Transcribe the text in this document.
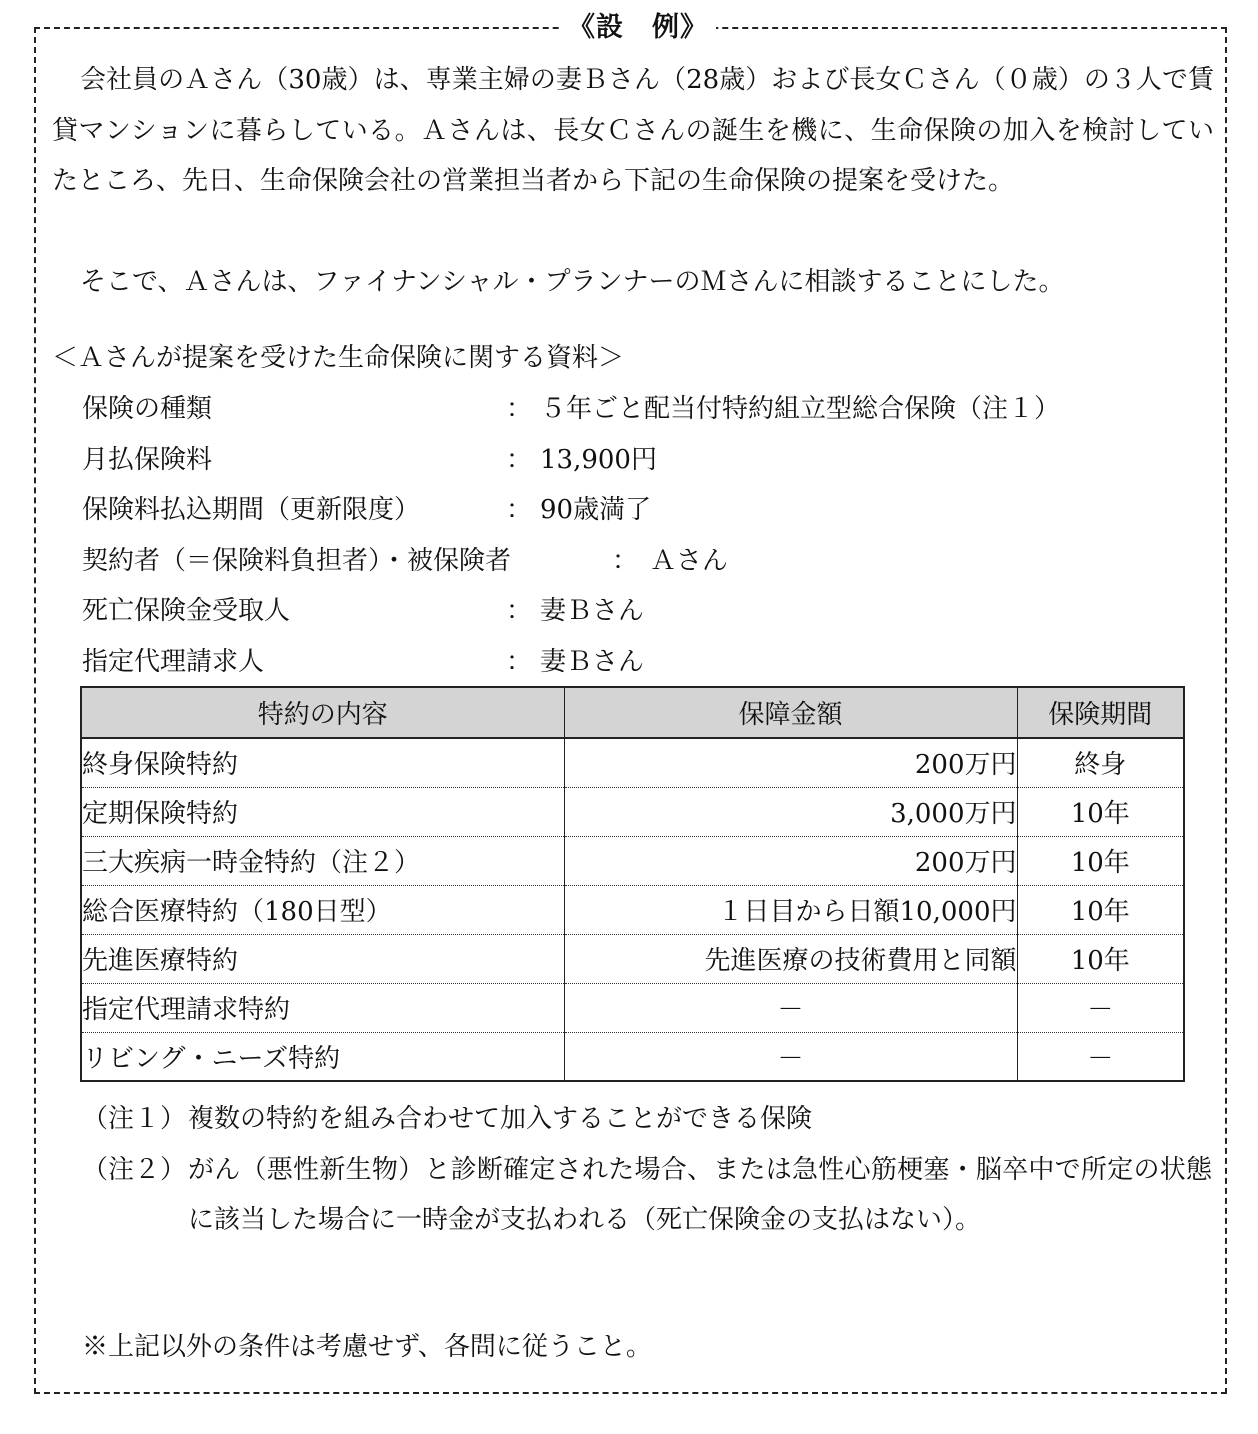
《設　例》
会社員のＡさん（30歳）は、専業主婦の妻Ｂさん（28歳）および長女Ｃさん（０歳）の３人で賃貸マンションに暮らしている。Ａさんは、長女Ｃさんの誕生を機に、生命保険の加入を検討していたところ、先日、生命保険会社の営業担当者から下記の生命保険の提案を受けた。
そこで、Ａさんは、ファイナンシャル・プランナーのＭさんに相談することにした。
＜Ａさんが提案を受けた生命保険に関する資料＞
保険の種類	： ５年ごと配当付特約組立型総合保険（注１）
月払保険料	： 13,900円
保険料払込期間（更新限度）	： 90歳満了
契約者（＝保険料負担者）・被保険者	： Ａさん
死亡保険金受取人	： 妻Ｂさん
指定代理請求人	： 妻Ｂさん
特約の内容	保障金額	保険期間
終身保険特約	200万円	終身
定期保険特約	3,000万円	10年
三大疾病一時金特約（注２）	200万円	10年
総合医療特約（180日型）	１日目から日額10,000円	10年
先進医療特約	先進医療の技術費用と同額	10年
指定代理請求特約	－	－
リビング・ニーズ特約	－	－
（注１） 複数の特約を組み合わせて加入することができる保険
（注２） がん（悪性新生物）と診断確定された場合、または急性心筋梗塞・脳卒中で所定の状態に該当した場合に一時金が支払われる（死亡保険金の支払はない）。
※上記以外の条件は考慮せず、各問に従うこと。
